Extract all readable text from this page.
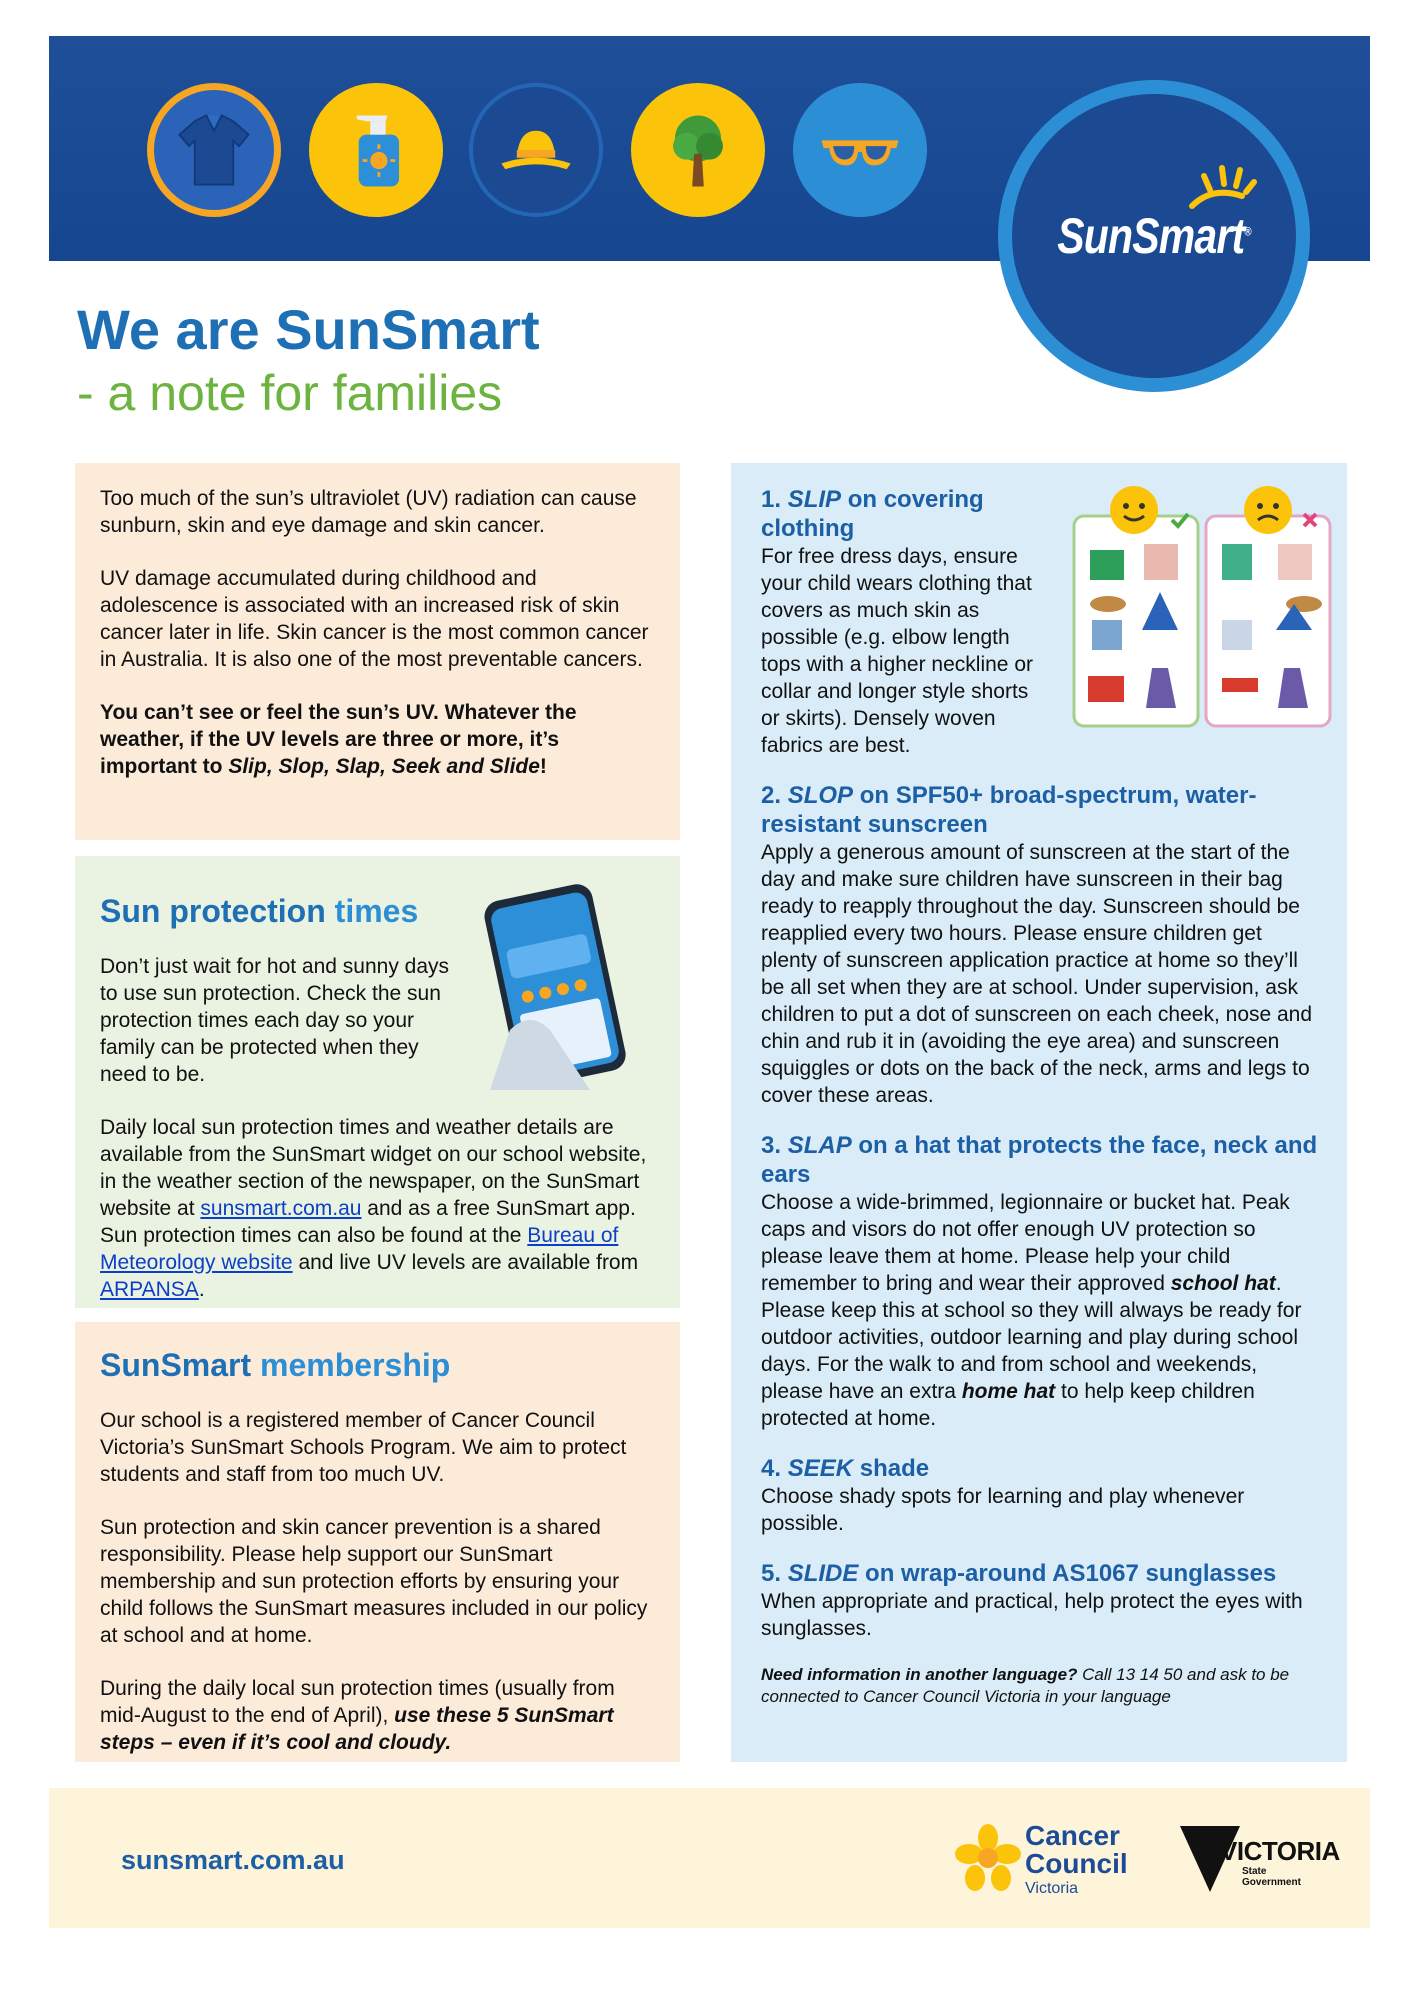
SunSmart®
We are SunSmart
- a note for families

Too much of the sun’s ultraviolet (UV) radiation can cause sunburn, skin and eye damage and skin cancer.

UV damage accumulated during childhood and adolescence is associated with an increased risk of skin cancer later in life. Skin cancer is the most common cancer in Australia. It is also one of the most preventable cancers.

You can’t see or feel the sun’s UV. Whatever the weather, if the UV levels are three or more, it’s important to Slip, Slop, Slap, Seek and Slide!

Sun protection times

Don’t just wait for hot and sunny days to use sun protection. Check the sun protection times each day so your family can be protected when they need to be.

Daily local sun protection times and weather details are available from the SunSmart widget on our school website, in the weather section of the newspaper, on the SunSmart website at sunsmart.com.au and as a free SunSmart app. Sun protection times can also be found at the Bureau of Meteorology website and live UV levels are available from ARPANSA.

SunSmart membership

Our school is a registered member of Cancer Council Victoria’s SunSmart Schools Program. We aim to protect students and staff from too much UV.

Sun protection and skin cancer prevention is a shared responsibility. Please help support our SunSmart membership and sun protection efforts by ensuring your child follows the SunSmart measures included in our policy at school and at home.

During the daily local sun protection times (usually from mid-August to the end of April), use these 5 SunSmart steps – even if it’s cool and cloudy.

1. SLIP on covering clothing

For free dress days, ensure your child wears clothing that covers as much skin as possible (e.g. elbow length tops with a higher neckline or collar and longer style shorts or skirts). Densely woven fabrics are best.

2. SLOP on SPF50+ broad-spectrum, water-resistant sunscreen

Apply a generous amount of sunscreen at the start of the day and make sure children have sunscreen in their bag ready to reapply throughout the day. Sunscreen should be reapplied every two hours. Please ensure children get plenty of sunscreen application practice at home so they’ll be all set when they are at school. Under supervision, ask children to put a dot of sunscreen on each cheek, nose and chin and rub it in (avoiding the eye area) and sunscreen squiggles or dots on the back of the neck, arms and legs to cover these areas.

3. SLAP on a hat that protects the face, neck and ears

Choose a wide-brimmed, legionnaire or bucket hat. Peak caps and visors do not offer enough UV protection so please leave them at home. Please help your child remember to bring and wear their approved school hat. Please keep this at school so they will always be ready for outdoor activities, outdoor learning and play during school days. For the walk to and from school and weekends, please have an extra home hat to help keep children protected at home.

4. SEEK shade

Choose shady spots for learning and play whenever possible.

5. SLIDE on wrap-around AS1067 sunglasses

When appropriate and practical, help protect the eyes with sunglasses.

Need information in another language? Call 13 14 50 and ask to be connected to Cancer Council Victoria in your language

sunsmart.com.au
Cancer
Council
Victoria
VICTORIA
State
Government
